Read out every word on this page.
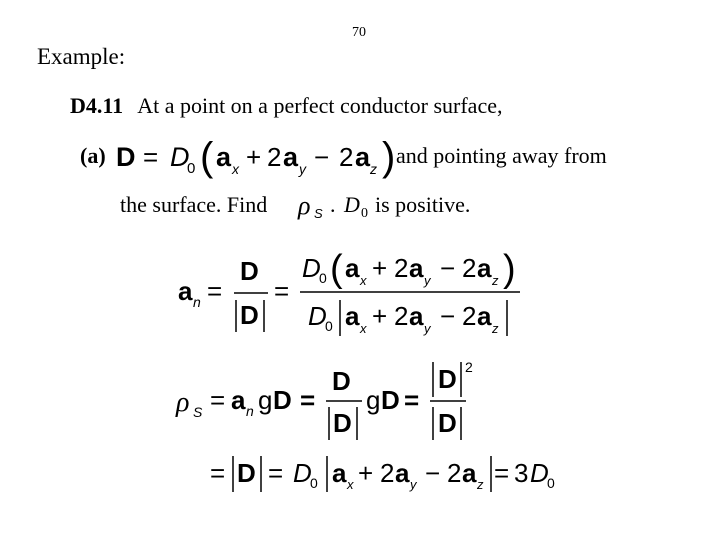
70
Example:
D4.11 At a point on a perfect conductor surface,
(a) D = D
0 ( a x + 2 a y − 2 a z ) and pointing away from
the surface. Find ρ S . D 0 is positive.
a n =
D
D
=
D
0 ( a x + 2 a y − 2 a z )
D
0 a x + 2 a y − 2 a z
ρ S = a n g D =
D
D
g D =
D 2
D
= D = D
0 a x + 2 a y − 2 a z = 3 D
0
